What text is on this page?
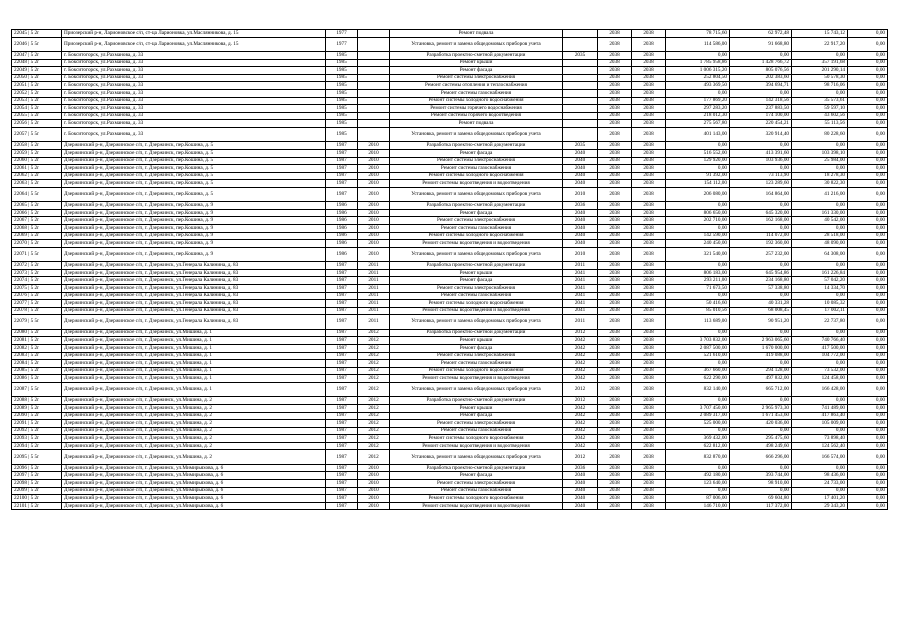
22045 | 5 2r	Приозерский р-н, Ларионовское с/п, ст-ца Ларионовка, ул.Маслянникова, д. 15	1977		Ремонт подвала		2038	2038	78 715,60	62 972,48	15 743,12	0,00
22046 | 5 5r	Приозерский р-н, Ларионовское с/п, ст-ца Ларионовка, ул.Маслянникова, д. 15	1977		Установка, ремонт и замена общедомовых приборов учета		2038	2038	114 586,00	91 668,80	22 917,20	0,00
22047 | 5 2r	г. Бокситогорск, ул.Рахманова, д. 33	1985		Разработка проектно-сметной документации	2035	2038	2038	0,00	0,00	0,00	0,00
22048 | 5 2r	г. Бокситогорск, ул.Рахманова, д. 33	1985		Ремонт крыши		2038	2038	1 785 958,86	1 428 766,72	357 191,68	0,00
22049 | 5 2r	г. Бокситогорск, ул.Рахманова, д. 33	1985		Ремонт фасада		2038	2038	1 006 315,20	805 076,56	201 290,14	0,00
22050 | 5 2r	г. Бокситогорск, ул.Рахманова, д. 33	1985		Ремонт системы электроснабжения		2038	2038	252 804,50	202 383,60	50 578,30	0,00
22051 | 5 2r	г. Бокситогорск, ул.Рахманова, д. 33	1985		Ремонт системы отопления и теплоснабжения		2038	2038	493 369,50	394 694,71	98 716,06	0,00
22052 | 5 2r	г. Бокситогорск, ул.Рахманова, д. 33	1985		Ремонт системы газоснабжения		2038	2038	0,00	0,00	0,00	0,00
22053 | 5 2r	г. Бокситогорск, ул.Рахманова, д. 33	1985		Ремонт системы холодного водоснабжения		2038	2038	177 869,20	142 318,56	35 573,61	0,00
22054 | 5 2r	г. Бокситогорск, ул.Рахманова, д. 33	1985		Ремонт системы горячего водоснабжения		2038	2038	297 283,20	237 883,50	59 597,10	0,00
22055 | 5 2r	г. Бокситогорск, ул.Рахманова, д. 33	1985		Ремонт системы горячего водоотведения		2038	2038	218 012,30	174 100,00	43 602,56	0,00
22056 | 5 2r	г. Бокситогорск, ул.Рахманова, д. 33	1985		Ремонт подвала		2038	2038	275 567,80	220 454,21	55 113,56	0,00
22057 | 5 5r	г. Бокситогорск, ул.Рахманова, д. 33	1985		Установка, ремонт и замена общедомовых приборов учета		2038	2038	401 143,00	320 914,40	80 228,60	0,00
22058 | 5 2r	Дзержинский р-н, Дзержинское с/п, г. Дзержинск, пер.Кошина, д. 5	1987	2010	Разработка проектно-сметной документации	2035	2038	2038	0,00	0,00	0,00	0,00
22059 | 5 2r	Дзержинский р-н, Дзержинское с/п, г. Дзержинск, пер.Кошина, д. 5	1987	2010	Ремонт фасада	2040	2038	2038	516 552,00	413 391,60	103 398,10	0,00
22060 | 5 2r	Дзержинский р-н, Дзержинское с/п, г. Дзержинск, пер.Кошина, д. 5	1987	2010	Ремонт системы электроснабжения	2040	2038	2038	129 920,00	103 936,00	25 984,00	0,00
22061 | 5 2r	Дзержинский р-н, Дзержинское с/п, г. Дзержинск, пер.Кошина, д. 5	1987	2010	Ремонт системы газоснабжения	2040	2038	2038	0,00	0,00	0,00	0,00
22062 | 5 2r	Дзержинский р-н, Дзержинское с/п, г. Дзержинск, пер.Кошина, д. 5	1987	2010	Ремонт системы холодного водоснабжения	2040	2038	2038	91 392,00	73 113,90	18 278,30	0,00
22063 | 5 2r	Дзержинский р-н, Дзержинское с/п, г. Дзержинск, пер.Кошина, д. 5	1987	2010	Ремонт системы водоотведения и водоотведения	2040	2038	2038	154 112,00	123 289,60	30 822,30	0,00
22064 | 5 5r	Дзержинский р-н, Дзержинское с/п, г. Дзержинск, пер.Кошина, д. 5	1987	2010	Установка, ремонт и замена общедомовых приборов учета	2010	2038	2038	206 080,00	164 864,00	41 216,00	0,00
22065 | 5 2r	Дзержинский р-н, Дзержинское с/п, г. Дзержинск, пер.Кошина, д. 9	1986	2010	Разработка проектно-сметной документации	2036	2038	2038	0,00	0,00	0,00	0,00
22066 | 5 2r	Дзержинский р-н, Дзержинское с/п, г. Дзержинск, пер.Кошина, д. 9	1986	2010	Ремонт фасада	2040	2038	2038	806 650,00	645 320,00	161 330,00	0,00
22067 | 5 2r	Дзержинский р-н, Дзержинское с/п, г. Дзержинск, пер.Кошина, д. 9	1986	2010	Ремонт системы электроснабжения	2040	2038	2038	202 710,00	162 168,00	40 542,00	0,00
22068 | 5 2r	Дзержинский р-н, Дзержинское с/п, г. Дзержинск, пер.Кошина, д. 9	1986	2010	Ремонт системы газоснабжения	2040	2038	2038	0,00	0,00	0,00	0,00
22069 | 5 2r	Дзержинский р-н, Дзержинское с/п, г. Дзержинск, пер.Кошина, д. 9	1986	2010	Ремонт системы холодного водоснабжения	2040	2038	2038	142 590,00	114 072,00	28 518,00	0,00
22070 | 5 2r	Дзержинский р-н, Дзержинское с/п, г. Дзержинск, пер.Кошина, д. 9	1986	2010	Ремонт системы водоотведения и водоотведения	2040	2038	2038	240 450,00	192 360,00	48 090,00	0,00
22071 | 5 5r	Дзержинский р-н, Дзержинское с/п, г. Дзержинск, пер.Кошина, д. 9	1986	2010	Установка, ремонт и замена общедомовых приборов учета	2010	2038	2038	321 540,00	257 232,00	64 308,00	0,00
22072 | 5 2r	Дзержинский р-н, Дзержинское с/п, г. Дзержинск, ул.Генерала Калинина, д. 83	1987	2011	Разработка проектно-сметной документации	2011	2038	2038	0,00	0,00	0,00	0,00
22073 | 5 2r	Дзержинский р-н, Дзержинское с/п, г. Дзержинск, ул.Генерала Калинина, д. 83	1987	2011	Ремонт крыши	2041	2038	2038	806 183,00	645 954,86	161 226,84	0,00
22074 | 5 2r	Дзержинский р-н, Дзержинское с/п, г. Дзержинск, ул.Генерала Калинина, д. 83	1987	2011	Ремонт фасада	2041	2038	2038	293 211,00	234 168,80	57 042,20	0,00
22075 | 5 2r	Дзержинский р-н, Дзержинское с/п, г. Дзержинск, ул.Генерала Калинина, д. 83	1987	2011	Ремонт системы электроснабжения	2041	2038	2038	71 673,50	57 338,80	14 334,70	0,00
22076 | 5 2r	Дзержинский р-н, Дзержинское с/п, г. Дзержинск, ул.Генерала Калинина, д. 83	1987	2011	Ремонт системы газоснабжения	2041	2038	2038	0,00	0,00	0,00	0,00
22077 | 5 2r	Дзержинский р-н, Дзержинское с/п, г. Дзержинск, ул.Генерала Калинина, д. 83	1987	2011	Ремонт системы холодного водоснабжения	2041	2038	2038	50 416,60	40 331,28	10 085,32	0,00
22078 | 5 2r	Дзержинский р-н, Дзержинское с/п, г. Дзержинск, ул.Генерала Калинина, д. 83	1987	2011	Ремонт системы водоотведения и водоотведения	2041	2038	2038	85 010,56	68 008,45	17 002,11	0,00
22079 | 5 5r	Дзержинский р-н, Дзержинское с/п, г. Дзержинск, ул.Генерала Калинина, д. 83	1987	2011	Установка, ремонт и замена общедомовых приборов учета	2011	2038	2038	113 689,00	90 951,20	22 737,80	0,00
22080 | 5 2r	Дзержинский р-н, Дзержинское с/п, г. Дзержинск, ул.Мишина, д. 1	1987	2012	Разработка проектно-сметной документации	2012	2038	2038	0,00	0,00	0,00	0,00
22081 | 5 2r	Дзержинский р-н, Дзержинское с/п, г. Дзержинск, ул.Мишина, д. 1	1987	2012	Ремонт крыши	2042	2038	2038	3 703 832,00	2 963 065,60	740 766,40	0,00
22082 | 5 2r	Дзержинский р-н, Дзержинское с/п, г. Дзержинск, ул.Мишина, д. 1	1987	2012	Ремонт фасада	2042	2038	2038	2 087 500,00	1 670 000,00	417 500,00	0,00
22083 | 5 2r	Дзержинский р-н, Дзержинское с/п, г. Дзержинск, ул.Мишина, д. 1	1987	2012	Ремонт системы электроснабжения	2042	2038	2038	521 610,00	419 088,00	104 772,00	0,00
22084 | 5 2r	Дзержинский р-н, Дзержинское с/п, г. Дзержинск, ул.Мишина, д. 1	1987	2012	Ремонт системы газоснабжения	2042	2038	2038	0,00	0,00	0,00	0,00
22085 | 5 2r	Дзержинский р-н, Дзержинское с/п, г. Дзержинск, ул.Мишина, д. 1	1987	2012	Ремонт системы холодного водоснабжения	2042	2038	2038	367 660,00	294 128,00	73 532,00	0,00
22086 | 5 2r	Дзержинский р-н, Дзержинское с/п, г. Дзержинск, ул.Мишина, д. 1	1987	2012	Ремонт системы водоотведения и водоотведения	2042	2038	2038	622 290,00	497 832,00	124 458,00	0,00
22087 | 5 5r	Дзержинский р-н, Дзержинское с/п, г. Дзержинск, ул.Мишина, д. 1	1987	2012	Установка, ремонт и замена общедомовых приборов учета	2012	2038	2038	832 140,00	665 712,00	166 428,00	0,00
22088 | 5 2r	Дзержинский р-н, Дзержинское с/п, г. Дзержинск, ул.Мишина, д. 2	1987	2012	Разработка проектно-сметной документации	2012	2038	2038	0,00	0,00	0,00	0,00
22089 | 5 2r	Дзержинский р-н, Дзержинское с/п, г. Дзержинск, ул.Мишина, д. 2	1987	2012	Ремонт крыши	2042	2038	2038	3 707 450,00	2 965 973,30	741 489,00	0,00
22090 | 5 2r	Дзержинский р-н, Дзержинское с/п, г. Дзержинск, ул.Мишина, д. 2	1987	2012	Ремонт фасада	2042	2038	2038	2 089 317,00	1 671 453,60	417 863,40	0,00
22091 | 5 2r	Дзержинский р-н, Дзержинское с/п, г. Дзержинск, ул.Мишина, д. 2	1987	2012	Ремонт системы электроснабжения	2042	2038	2038	525 000,00	420 036,00	105 009,00	0,00
22092 | 5 2r	Дзержинский р-н, Дзержинское с/п, г. Дзержинск, ул.Мишина, д. 2	1987	2012	Ремонт системы газоснабжения	2042	2038	2038	0,00	0,00	0,00	0,00
22093 | 5 2r	Дзержинский р-н, Дзержинское с/п, г. Дзержинск, ул.Мишина, д. 2	1987	2012	Ремонт системы холодного водоснабжения	2042	2038	2038	369 432,00	295 475,60	73 898,40	0,00
22094 | 5 2r	Дзержинский р-н, Дзержинское с/п, г. Дзержинск, ул.Мишина, д. 2	1987	2012	Ремонт системы водоотведения и водоотведения	2042	2038	2038	622 812,00	498 249,60	124 562,40	0,00
22095 | 5 5r	Дзержинский р-н, Дзержинское с/п, г. Дзержинск, ул.Мишина, д. 2	1987	2012	Установка, ремонт и замена общедомовых приборов учета	2012	2038	2038	832 870,00	666 296,00	166 574,00	0,00
22096 | 5 2r	Дзержинский р-н, Дзержинское с/п, г. Дзержинск, ул.Мимирьяхова, д. 6	1987	2010	Разработка проектно-сметной документации	2036	2038	2038	0,00	0,00	0,00	0,00
22097 | 5 2r	Дзержинский р-н, Дзержинское с/п, г. Дзержинск, ул.Мимирьяхова, д. 6	1987	2010	Ремонт фасада	2040	2038	2038	492 180,00	393 744,00	98 436,00	0,00
22098 | 5 2r	Дзержинский р-н, Дзержинское с/п, г. Дзержинск, ул.Мимирьяхова, д. 6	1987	2010	Ремонт системы электроснабжения	2040	2038	2038	123 640,00	98 910,00	24 733,00	0,00
22099 | 5 2r	Дзержинский р-н, Дзержинское с/п, г. Дзержинск, ул.Мимирьяхова, д. 6	1987	2010	Ремонт системы газоснабжения	2040	2038	2038	0,00	0,00	0,00	0,00
22100 | 5 2r	Дзержинский р-н, Дзержинское с/п, г. Дзержинск, ул.Мимирьяхова, д. 6	1987	2010	Ремонт системы холодного водоснабжения	2040	2038	2038	87 006,00	69 604,80	17 401,20	0,00
22101 | 5 2r	Дзержинский р-н, Дзержинское с/п, г. Дзержинск, ул.Мимирьяхова, д. 6	1987	2010	Ремонт системы водоотведения и водоотведения	2040	2038	2038	146 710,00	117 372,00	29 343,20	0,00
